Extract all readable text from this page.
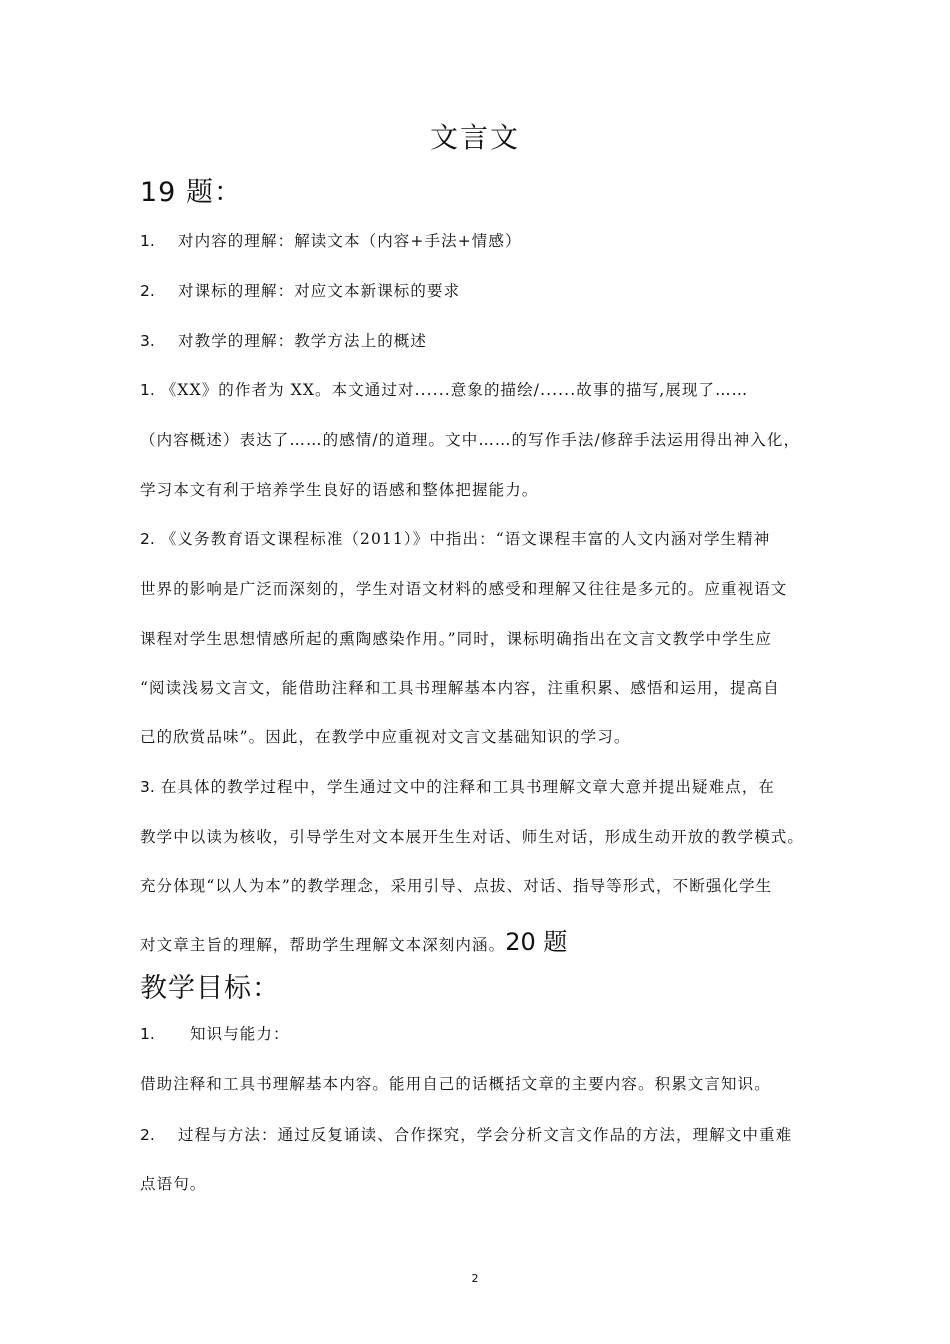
文言文
19 题：
1. 对内容的理解：解读文本（内容+手法+情感）
2. 对课标的理解：对应文本新课标的要求
3. 对教学的理解：教学方法上的概述
1. 《XX》的作者为 XX。本文通过对......意象的描绘/......故事的描写,展现了……
（内容概述）表达了……的感情/的道理。文中……的写作手法/修辞手法运用得出神入化，
学习本文有利于培养学生良好的语感和整体把握能力。
2. 《义务教育语文课程标准（2011）》中指出：“语文课程丰富的人文内涵对学生精神
世界的影响是广泛而深刻的，学生对语文材料的感受和理解又往往是多元的。应重视语文
课程对学生思想情感所起的熏陶感染作用。”同时，课标明确指出在文言文教学中学生应
“阅读浅易文言文，能借助注释和工具书理解基本内容，注重积累、感悟和运用，提高自
己的欣赏品味”。因此，在教学中应重视对文言文基础知识的学习。
3. 在具体的教学过程中，学生通过文中的注释和工具书理解文章大意并提出疑难点，在
教学中以读为核收，引导学生对文本展开生生对话、师生对话，形成生动开放的教学模式。
充分体现“以人为本”的教学理念，采用引导、点拔、对话、指导等形式，不断强化学生
对文章主旨的理解，帮助学生理解文本深刻内涵。20 题
教学目标：
1. 知识与能力：
借助注释和工具书理解基本内容。能用自己的话概括文章的主要内容。积累文言知识。
2. 过程与方法：通过反复诵读、合作探究，学会分析文言文作品的方法，理解文中重难
点语句。
2
